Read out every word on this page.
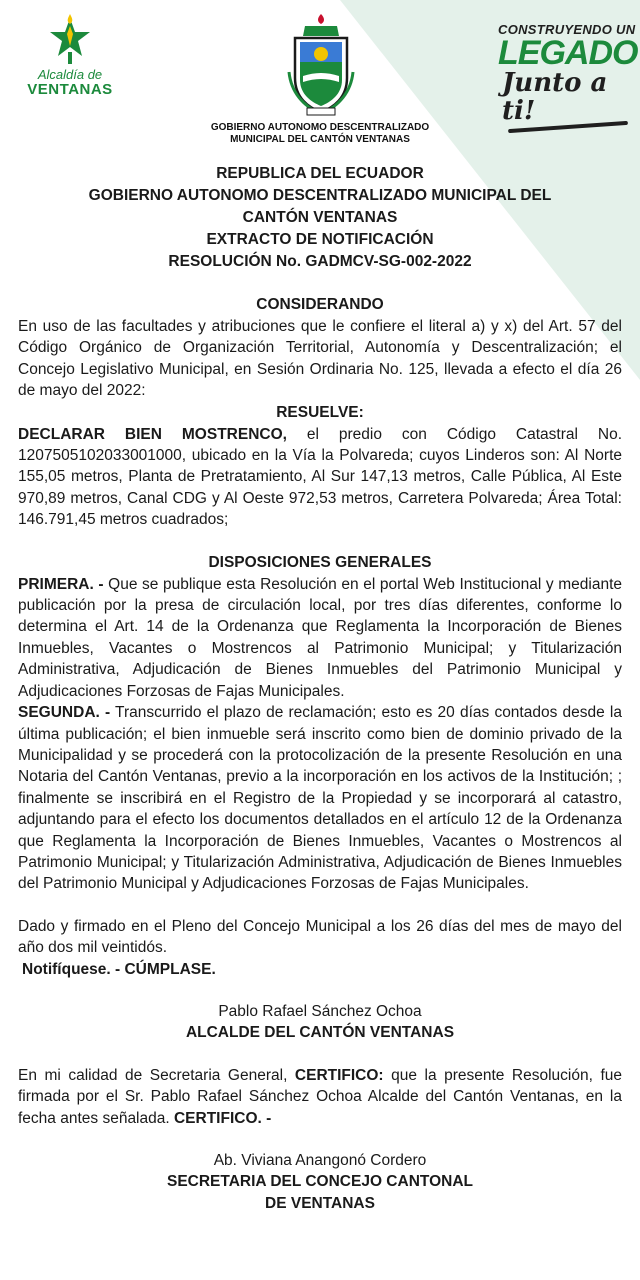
Alcaldía de
VENTANAS
GOBIERNO AUTONOMO DESCENTRALIZADO
MUNICIPAL DEL CANTÓN VENTANAS
CONSTRUYENDO UN
LEGADO
Junto a ti!
REPUBLICA DEL ECUADOR
GOBIERNO AUTONOMO DESCENTRALIZADO MUNICIPAL DEL
CANTÓN VENTANAS
EXTRACTO DE NOTIFICACIÓN
RESOLUCIÓN No. GADMCV-SG-002-2022
CONSIDERANDO

En uso de las facultades y atribuciones que le confiere el literal a) y x) del Art. 57 del Código Orgánico de Organización Territorial, Autonomía y Descentralización; el Concejo Legislativo Municipal, en Sesión Ordinaria No. 125, llevada a efecto el día 26 de mayo del 2022:

RESUELVE:

DECLARAR BIEN MOSTRENCO, el predio con Código Catastral No. 1207505102033001000, ubicado en la Vía la Polvareda; cuyos Linderos son: Al Norte 155,05 metros, Planta de Pretratamiento, Al Sur 147,13 metros, Calle Pública, Al Este 970,89 metros, Canal CDG y Al Oeste 972,53 metros, Carretera Polvareda; Área Total: 146.791,45 metros cuadrados;

DISPOSICIONES GENERALES

PRIMERA. - Que se publique esta Resolución en el portal Web Institucional y mediante publicación por la presa de circulación local, por tres días diferentes, conforme lo determina el Art. 14 de la Ordenanza que Reglamenta la Incorporación de Bienes Inmuebles, Vacantes o Mostrencos al Patrimonio Municipal; y Titularización Administrativa, Adjudicación de Bienes Inmuebles del Patrimonio Municipal y Adjudicaciones Forzosas de Fajas Municipales.

SEGUNDA. - Transcurrido el plazo de reclamación; esto es 20 días contados desde la última publicación; el bien inmueble será inscrito como bien de dominio privado de la Municipalidad y se procederá con la protocolización de la presente Resolución en una Notaria del Cantón Ventanas, previo a la incorporación en los activos de la Institución; ; finalmente se inscribirá en el Registro de la Propiedad y se incorporará al catastro, adjuntando para el efecto los documentos detallados en el artículo 12 de la Ordenanza que Reglamenta la Incorporación de Bienes Inmuebles, Vacantes o Mostrencos al Patrimonio Municipal; y Titularización Administrativa, Adjudicación de Bienes Inmuebles del Patrimonio Municipal y Adjudicaciones Forzosas de Fajas Municipales.

Dado y firmado en el Pleno del Concejo Municipal a los 26 días del mes de mayo del año dos mil veintidós.

Notifíquese. - CÚMPLASE.

Pablo Rafael Sánchez Ochoa
ALCALDE DEL CANTÓN VENTANAS

En mi calidad de Secretaria General, CERTIFICO: que la presente Resolución, fue firmada por el Sr. Pablo Rafael Sánchez Ochoa Alcalde del Cantón Ventanas, en la fecha antes señalada. CERTIFICO. -

Ab. Viviana Anangonó Cordero
SECRETARIA DEL CONCEJO CANTONAL
DE VENTANAS
